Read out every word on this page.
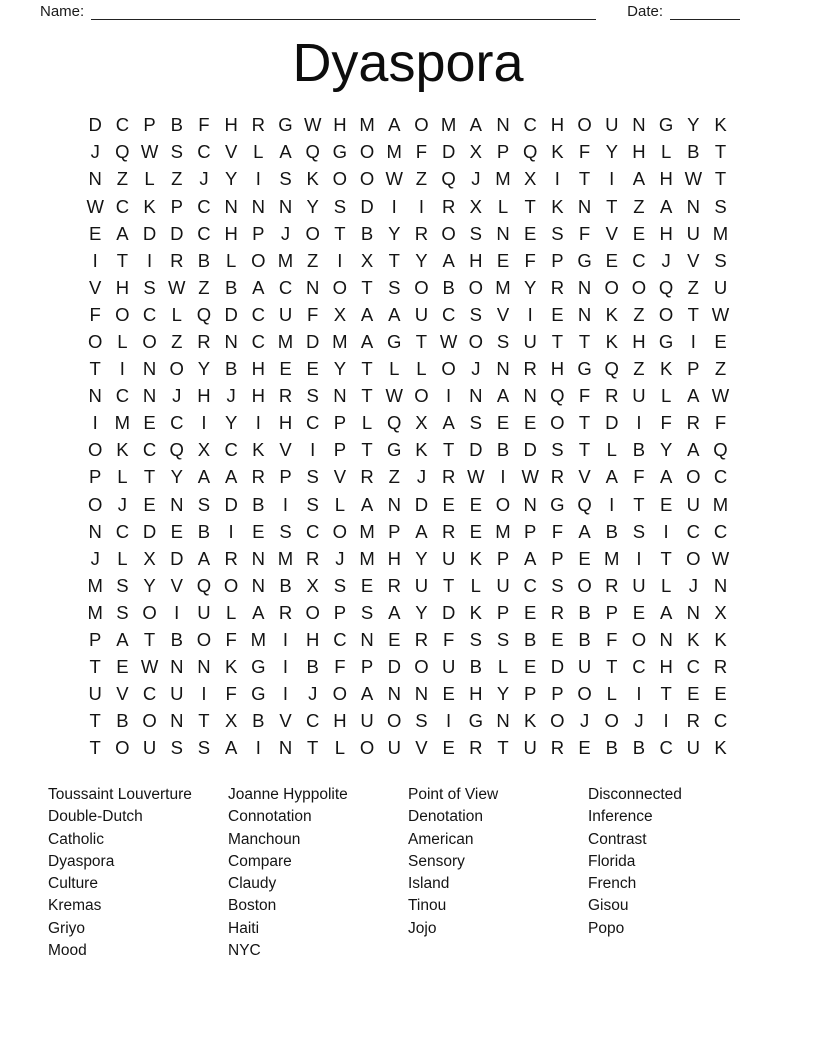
Name:	Date:
Dyaspora
D C P B F H R G W H M A O M A N C H O U N G Y K
J Q W S C V L A Q G O M F D X P Q K F Y H L B T
N Z L Z J Y I S K O O W Z Q J M X I	T	I A H W T
W C K P C N N N Y S D I	I R X L T K N T Z A N S
E A D D C H P J O T B Y R O S N E S F V E H U M
I	T	I R B L O M Z	I X T Y A H E F P G E C J V S
V H S W Z B A C N O T S O B O M Y R N O O Q Z U
F O C L Q D C U F X A A U C S V I E N K Z O T W
O L O Z R N C M D M A G T W O S U T T K H G I E
T	I N O Y B H E E Y T L L O J N R H G Q Z K P Z
N C N J H J H R S N T W O I N A N Q F R U L A W
I M E C I Y I H C P L Q X A S E E O T D I	F R F
O K C Q X C K V I P T G K T D B D S T L B Y A Q
P L T Y A A R P S V R Z J R W I W R V A F A O C
O J E N S D B I S L A N D E E O N G Q I	T E U M
N C D E B I E S C O M P A R E M P F A B S I C C
J L X D A R N M R J M H Y U K P A P E M I	T O W
M S Y V Q O N B X S E R U T L U C S O R U L J N
M S O I U L A R O P S A Y D K P E R B P E A N X
P A T B O F M I H C N E R F S S B E B F O N K K
T E W N N K G I B F P D O U B L E D U T C H C R
U V C U I	F G I	J O A N N E H Y P P O L	I	T E E
T B O N T X B V C H U O S I G N K O J O J	I R C
T O U S S A I N T L O U V E R T U R E B B C U K
Toussaint Louverture
Double-Dutch
Catholic
Dyaspora
Culture
Kremas
Griyo
Mood
Joanne Hyppolite
Connotation
Manchoun
Compare
Claudy
Boston
Haiti
NYC
Point of View
Denotation
American
Sensory
Island
Tinou
Jojo
Disconnected
Inference
Contrast
Florida
French
Gisou
Popo
